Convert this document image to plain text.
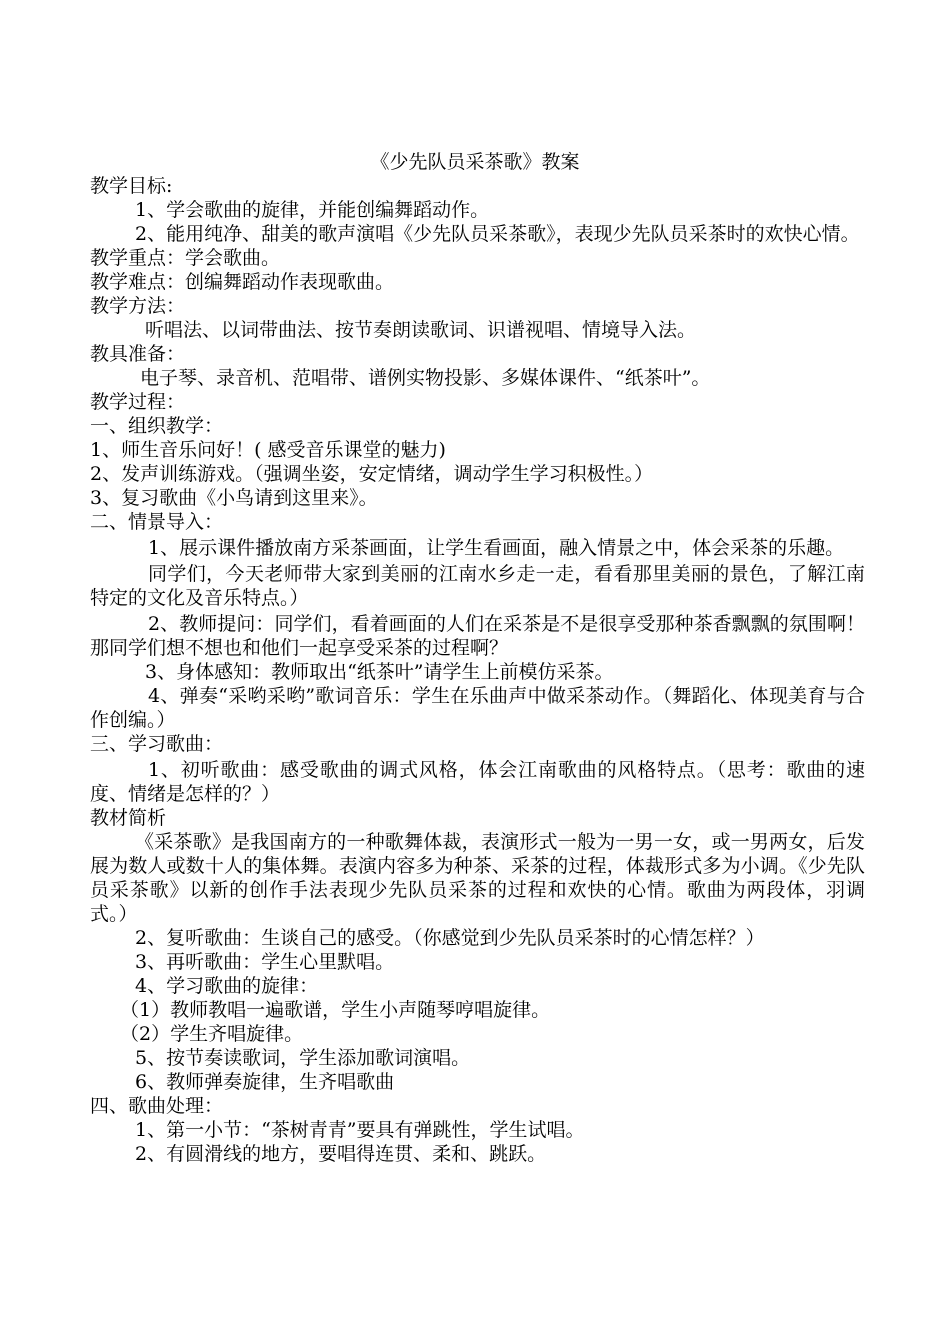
《少先队员采茶歌》教案

教学目标:

1、学会歌曲的旋律，并能创编舞蹈动作。

2、能用纯净、甜美的歌声演唱《少先队员采茶歌》，表现少先队员采茶时的欢快心情。

教学重点：学会歌曲。

教学难点：创编舞蹈动作表现歌曲。

教学方法：

听唱法、以词带曲法、按节奏朗读歌词、识谱视唱、情境导入法。

教具准备：

电子琴、录音机、范唱带、谱例实物投影、多媒体课件、“纸茶叶”。

教学过程：

一、组织教学：

1、师生音乐问好！( 感受音乐课堂的魅力)

2、发声训练游戏。（强调坐姿，安定情绪，调动学生学习积极性。）

3、复习歌曲《小鸟请到这里来》。

二、情景导入：

1、展示课件播放南方采茶画面，让学生看画面，融入情景之中，体会采茶的乐趣。

同学们，今天老师带大家到美丽的江南水乡走一走，看看那里美丽的景色，了解江南特定的文化及音乐特点。）

2、教师提问：同学们，看着画面的人们在采茶是不是很享受那种茶香飘飘的氛围啊！那同学们想不想也和他们一起享受采茶的过程啊？

3、身体感知：教师取出“纸茶叶”请学生上前模仿采茶。

4、弹奏“采哟采哟”歌词音乐：学生在乐曲声中做采茶动作。（舞蹈化、体现美育与合作创编。）

三、学习歌曲：

1、初听歌曲：感受歌曲的调式风格，体会江南歌曲的风格特点。（思考：歌曲的速度、情绪是怎样的？）

教材简析

《采茶歌》是我国南方的一种歌舞体裁，表演形式一般为一男一女，或一男两女，后发展为数人或数十人的集体舞。表演内容多为种茶、采茶的过程，体裁形式多为小调。《少先队员采茶歌》以新的创作手法表现少先队员采茶的过程和欢快的心情。歌曲为两段体，羽调式。）

2、复听歌曲：生谈自己的感受。（你感觉到少先队员采茶时的心情怎样？）

3、再听歌曲：学生心里默唱。

4、学习歌曲的旋律：

（1）教师教唱一遍歌谱，学生小声随琴哼唱旋律。

（2）学生齐唱旋律。

5、按节奏读歌词，学生添加歌词演唱。

6、教师弹奏旋律，生齐唱歌曲

四、歌曲处理：

1、第一小节：“茶树青青”要具有弹跳性，学生试唱。

2、有圆滑线的地方，要唱得连贯、柔和、跳跃。
